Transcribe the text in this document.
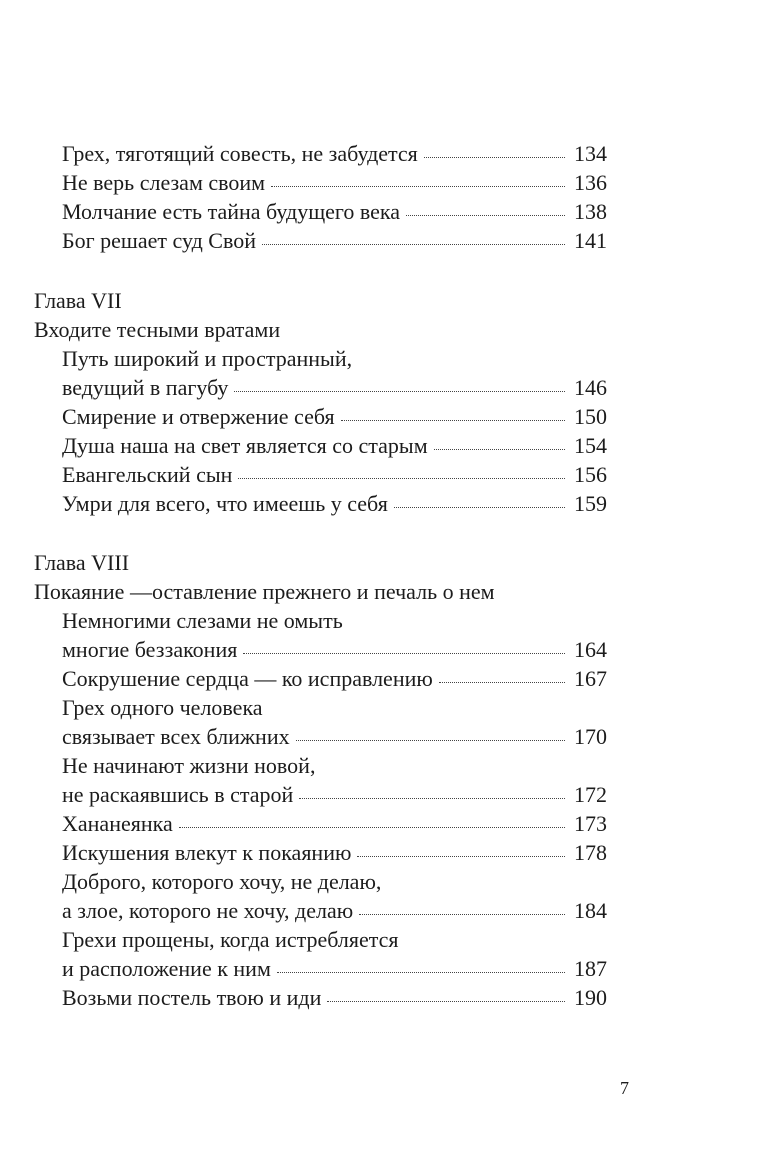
Грех, тяготящий совесть, не забудется	134
Не верь слезам своим	136
Молчание есть тайна будущего века	138
Бог решает суд Свой	141
Глава VII
Входите тесными вратами
Путь широкий и пространный,
ведущий в пагубу	146
Смирение и отвержение себя	150
Душа наша на свет является со старым	154
Евангельский сын	156
Умри для всего, что имеешь у себя	159
Глава VIII
Покаяние —оставление прежнего и печаль о нем
Немногими слезами не омыть
многие беззакония	164
Сокрушение сердца — ко исправлению	167
Грех одного человека
связывает всех ближних	170
Не начинают жизни новой,
не раскаявшись в старой	172
Хананеянка	173
Искушения влекут к покаянию	178
Доброго, которого хочу, не делаю,
а злое, которого не хочу, делаю	184
Грехи прощены, когда истребляется
и расположение к ним	187
Возьми постель твою и иди	190
7
